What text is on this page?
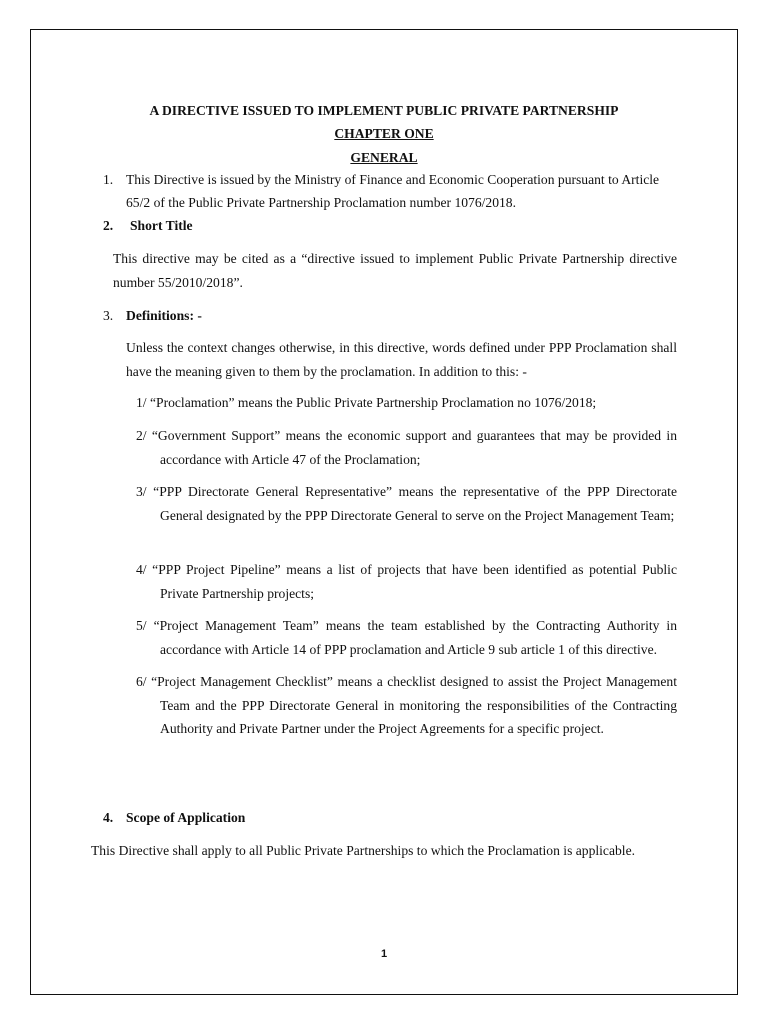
A DIRECTIVE ISSUED TO IMPLEMENT PUBLIC PRIVATE PARTNERSHIP
CHAPTER ONE
GENERAL
1. This Directive is issued by the Ministry of Finance and Economic Cooperation pursuant to Article
65/2 of the Public Private Partnership Proclamation number 1076/2018.
2. Short Title
This directive may be cited as a “directive issued to implement Public Private Partnership directive number 55/2010/2018”.
3. Definitions: -
Unless the context changes otherwise, in this directive, words defined under PPP Proclamation shall have the meaning given to them by the proclamation. In addition to this: -
1/ “Proclamation” means the Public Private Partnership Proclamation no 1076/2018;
2/ “Government Support” means the economic support and guarantees that may be provided in accordance with Article 47 of the Proclamation;
3/ “PPP Directorate General Representative” means the representative of the PPP Directorate General designated by the PPP Directorate General to serve on the Project Management Team;
4/ “PPP Project Pipeline” means a list of projects that have been identified as potential Public Private Partnership projects;
5/ “Project Management Team” means the team established by the Contracting Authority in accordance with Article 14 of PPP proclamation and Article 9 sub article 1 of this directive.
6/ “Project Management Checklist” means a checklist designed to assist the Project Management Team and the PPP Directorate General in monitoring the responsibilities of the Contracting Authority and Private Partner under the Project Agreements for a specific project.
4. Scope of Application
This Directive shall apply to all Public Private Partnerships to which the Proclamation is applicable.
1
